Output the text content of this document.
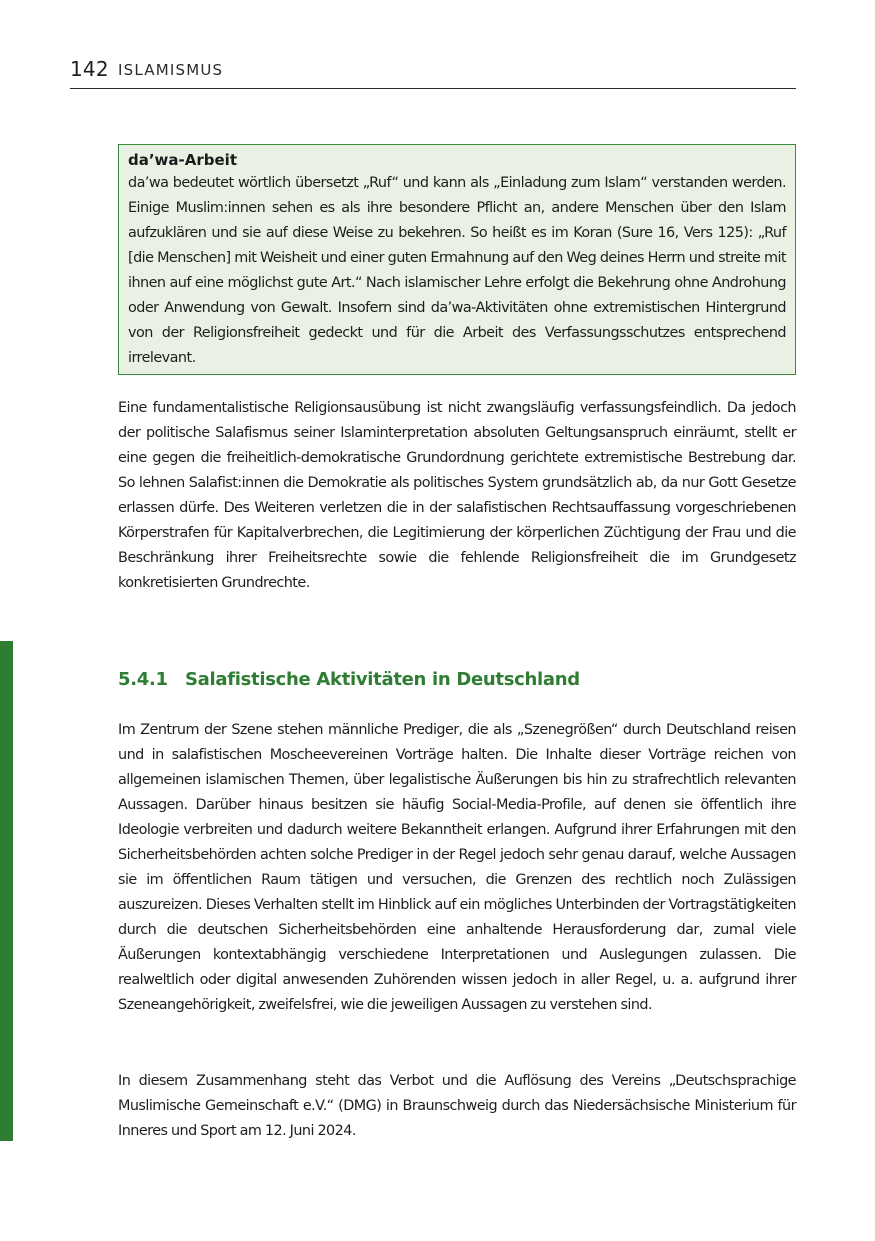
142 ISLAMISMUS

da’wa-Arbeit

da’wa bedeutet wörtlich übersetzt „Ruf“ und kann als „Einladung zum Islam“ verstanden werden. Einige Muslim:innen sehen es als ihre besondere Pflicht an, andere Menschen über den Islam aufzuklären und sie auf diese Weise zu bekehren. So heißt es im Koran (Sure 16, Vers 125): „Ruf [die Menschen] mit Weisheit und einer guten Ermahnung auf den Weg deines Herrn und streite mit ihnen auf eine möglichst gute Art.“ Nach islamischer Lehre erfolgt die Bekehrung ohne Androhung oder Anwendung von Gewalt. Insofern sind da’wa-Aktivitäten ohne extremistischen Hintergrund von der Religionsfreiheit gedeckt und für die Arbeit des Verfassungsschutzes entsprechend irrelevant.

Eine fundamentalistische Religionsausübung ist nicht zwangsläufig verfassungsfeindlich. Da jedoch der politische Salafismus seiner Islaminterpretation absoluten Geltungsanspruch einräumt, stellt er eine gegen die freiheitlich-demokratische Grundordnung gerichtete extremistische Bestrebung dar. So lehnen Salafist:innen die Demokratie als politisches System grundsätzlich ab, da nur Gott Gesetze erlassen dürfe. Des Weiteren verletzen die in der salafistischen Rechtsauffassung vorgeschriebenen Körperstrafen für Kapitalverbrechen, die Legitimierung der körperlichen Züchtigung der Frau und die Beschränkung ihrer Freiheitsrechte sowie die fehlende Religionsfreiheit die im Grundgesetz konkretisierten Grundrechte.

5.4.1 Salafistische Aktivitäten in Deutschland

Im Zentrum der Szene stehen männliche Prediger, die als „Szenegrößen“ durch Deutschland reisen und in salafistischen Moscheevereinen Vorträge halten. Die Inhalte dieser Vorträge reichen von allgemeinen islamischen Themen, über legalistische Äußerungen bis hin zu strafrechtlich relevanten Aussagen. Darüber hinaus besitzen sie häufig Social-Media-Profile, auf denen sie öffentlich ihre Ideologie verbreiten und dadurch weitere Bekanntheit erlangen. Aufgrund ihrer Erfahrungen mit den Sicherheitsbehörden achten solche Prediger in der Regel jedoch sehr genau darauf, welche Aussagen sie im öffentlichen Raum tätigen und versuchen, die Grenzen des rechtlich noch Zulässigen auszureizen. Dieses Verhalten stellt im Hinblick auf ein mögliches Unterbinden der Vortragstätigkeiten durch die deutschen Sicherheitsbehörden eine anhaltende Herausforderung dar, zumal viele Äußerungen kontextabhängig verschiedene Interpretationen und Auslegungen zulassen. Die realweltlich oder digital anwesenden Zuhörenden wissen jedoch in aller Regel, u. a. aufgrund ihrer Szeneangehörigkeit, zweifelsfrei, wie die jeweiligen Aussagen zu verstehen sind.

In diesem Zusammenhang steht das Verbot und die Auflösung des Vereins „Deutschsprachige Muslimische Gemeinschaft e.V.“ (DMG) in Braunschweig durch das Niedersächsische Ministerium für Inneres und Sport am 12. Juni 2024.
